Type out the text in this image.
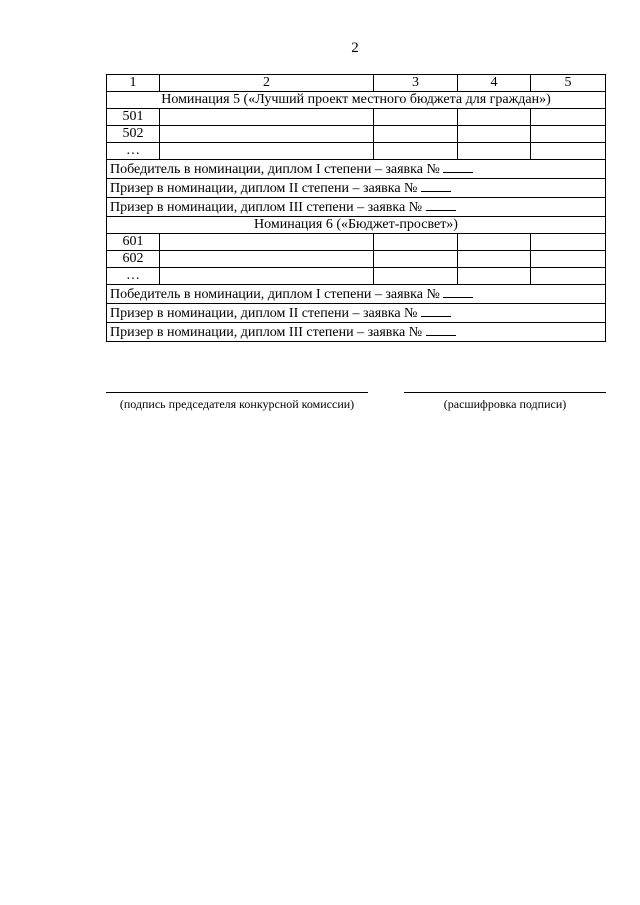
2
1	2	3	4	5
Номинация 5 («Лучший проект местного бюджета для граждан»)				
501				
502				
…				
Победитель в номинации, диплом I степени – заявка №				
Призер в номинации, диплом II степени – заявка №				
Призер в номинации, диплом III степени – заявка №				
Номинация 6 («Бюджет-просвет»)				
601				
602				
…				
Победитель в номинации, диплом I степени – заявка №				
Призер в номинации, диплом II степени – заявка №				
Призер в номинации, диплом III степени – заявка №				
(подпись председателя конкурсной комиссии)	(расшифровка подписи)
